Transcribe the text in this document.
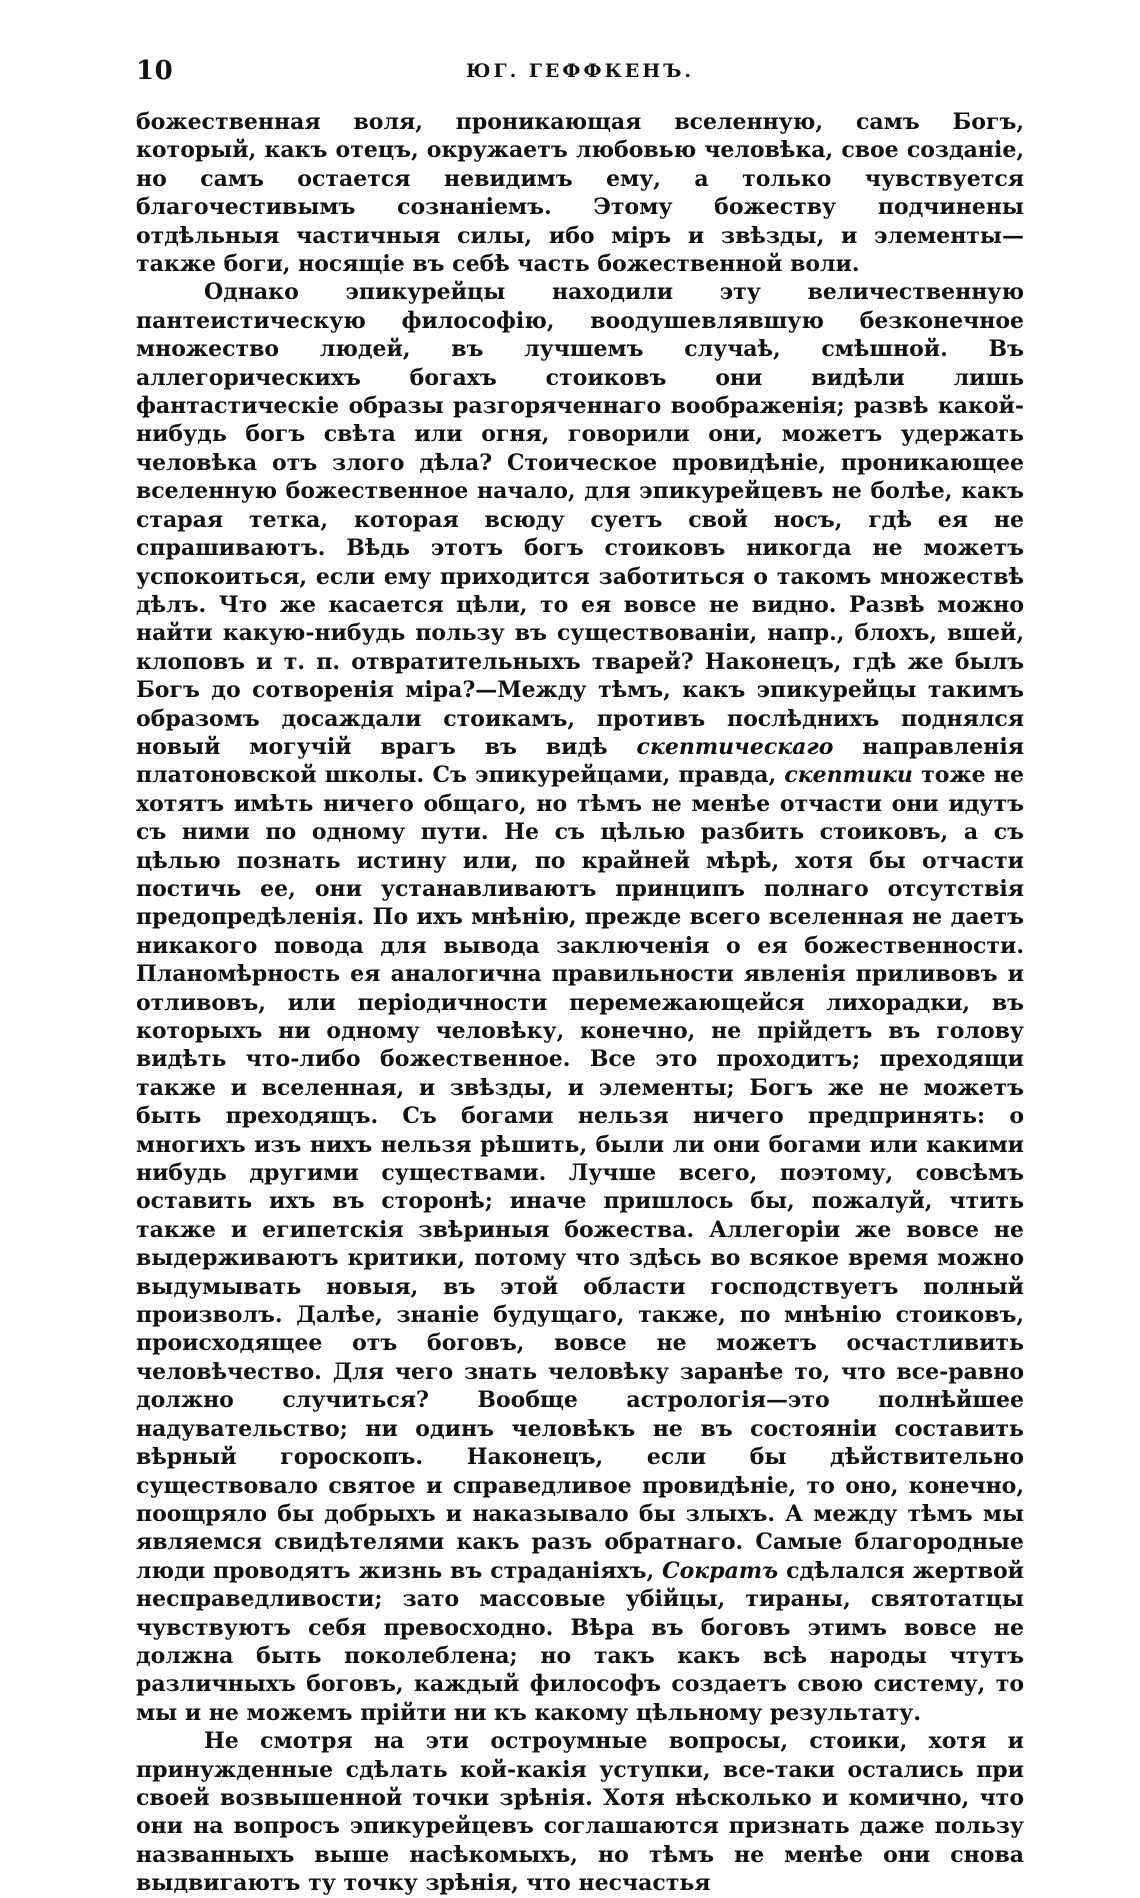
10	ЮГ. ГЕФФКЕНЪ.

божественная воля, проникающая вселенную, самъ Богъ, который, какъ отецъ, окружаетъ любовью человѣка, свое созданіе, но самъ остается невидимъ ему, а только чувствуется благочестивымъ сознаніемъ. Этому божеству подчинены отдѣльныя частичныя силы, ибо міръ и звѣзды, и элементы—также боги, носящіе въ себѣ часть божественной воли.

Однако эпикурейцы находили эту величественную пантеистическую философію, воодушевлявшую безконечное множество людей, въ лучшемъ случаѣ, смѣшной. Въ аллегорическихъ богахъ стоиковъ они видѣли лишь фантастическіе образы разгоряченнаго воображенія; развѣ какой-нибудь богъ свѣта или огня, говорили они, можетъ удержать человѣка отъ злого дѣла? Стоическое провидѣніе, проникающее вселенную божественное начало, для эпикурейцевъ не болѣе, какъ старая тетка, которая всюду суетъ свой носъ, гдѣ ея не спрашиваютъ. Вѣдь этотъ богъ стоиковъ никогда не можетъ успокоиться, если ему приходится заботиться о такомъ множествѣ дѣлъ. Что же касается цѣли, то ея вовсе не видно. Развѣ можно найти какую-нибудь пользу въ существованіи, напр., блохъ, вшей, клоповъ и т. п. отвратительныхъ тварей? Наконецъ, гдѣ же былъ Богъ до сотворенія міра?—Между тѣмъ, какъ эпикурейцы такимъ образомъ досаждали стоикамъ, противъ послѣднихъ поднялся новый могучій врагъ въ видѣ скептическаго направленія платоновской школы. Съ эпикурейцами, правда, скептики тоже не хотятъ имѣть ничего общаго, но тѣмъ не менѣе отчасти они идутъ съ ними по одному пути. Не съ цѣлью разбить стоиковъ, а съ цѣлью познать истину или, по крайней мѣрѣ, хотя бы отчасти постичь ее, они устанавливаютъ принципъ полнаго отсутствія предопредѣленія. По ихъ мнѣнію, прежде всего вселенная не даетъ никакого повода для вывода заключенія о ея божественности. Планомѣрность ея аналогична правильности явленія приливовъ и отливовъ, или періодичности перемежающейся лихорадки, въ которыхъ ни одному человѣку, конечно, не прійдетъ въ голову видѣть что-либо божественное. Все это проходитъ; преходящи также и вселенная, и звѣзды, и элементы; Богъ же не можетъ быть преходящъ. Съ богами нельзя ничего предпринять: о многихъ изъ нихъ нельзя рѣшить, были ли они богами или какими нибудь другими существами. Лучше всего, поэтому, совсѣмъ оставить ихъ въ сторонѣ; иначе пришлось бы, пожалуй, чтить также и египетскія звѣриныя божества. Аллегоріи же вовсе не выдерживаютъ критики, потому что здѣсь во всякое время можно выдумывать новыя, въ этой области господствуетъ полный произволъ. Далѣе, знаніе будущаго, также, по мнѣнію стоиковъ, происходящее отъ боговъ, вовсе не можетъ осчастливить человѣчество. Для чего знать человѣку заранѣе то, что все-равно должно случиться? Вообще астрологія—это полнѣйшее надувательство; ни одинъ человѣкъ не въ состояніи составить вѣрный гороскопъ. Наконецъ, если бы дѣйствительно существовало святое и справедливое провидѣніе, то оно, конечно, поощряло бы добрыхъ и наказывало бы злыхъ. А между тѣмъ мы являемся свидѣтелями какъ разъ обратнаго. Самые благородные люди проводятъ жизнь въ страданіяхъ, Сократъ сдѣлался жертвой несправедливости; зато массовые убійцы, тираны, святотатцы чувствуютъ себя превосходно. Вѣра въ боговъ этимъ вовсе не должна быть поколеблена; но такъ какъ всѣ народы чтутъ различныхъ боговъ, каждый философъ создаетъ свою систему, то мы и не можемъ прійти ни къ какому цѣльному результату.

Не смотря на эти остроумные вопросы, стоики, хотя и принужденные сдѣлать кой-какія уступки, все-таки остались при своей возвышенной точки зрѣнія. Хотя нѣсколько и комично, что они на вопросъ эпикурейцевъ соглашаются признать даже пользу названныхъ выше насѣкомыхъ, но тѣмъ не менѣе они снова выдвигаютъ ту точку зрѣнія, что несчастья
